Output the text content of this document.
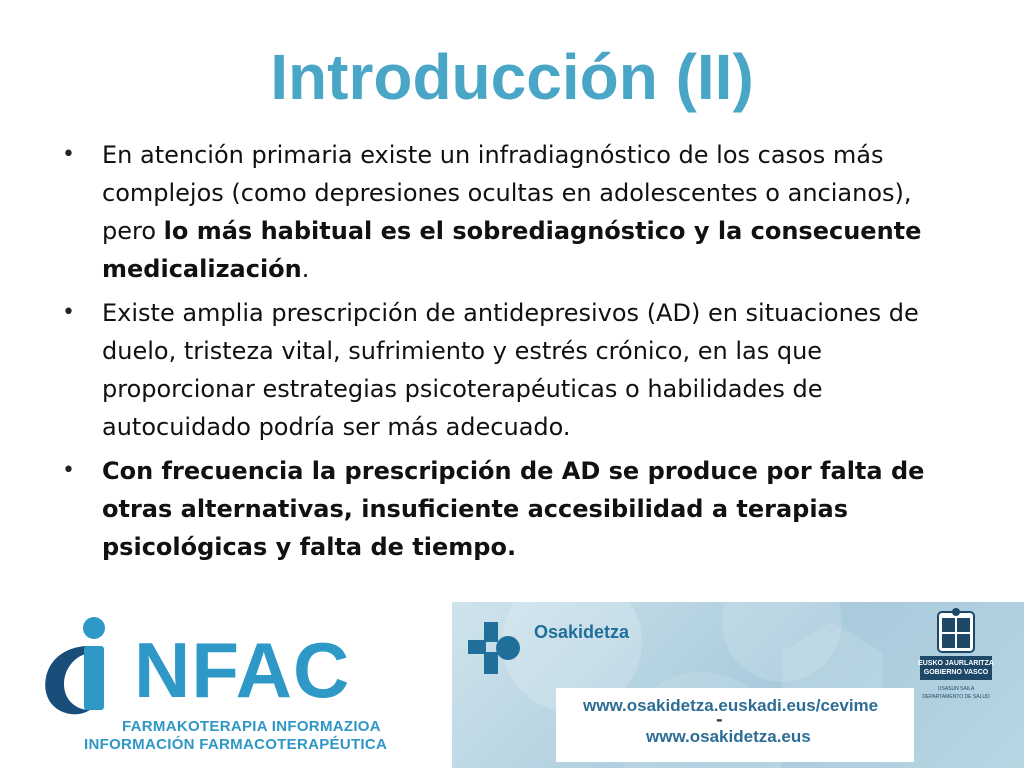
Introducción (II)
• En atención primaria existe un infradiagnóstico de los casos más complejos (como depresiones ocultas en adolescentes o ancianos), pero lo más habitual es el sobrediagnóstico y la consecuente medicalización.
• Existe amplia prescripción de antidepresivos (AD) en situaciones de duelo, tristeza vital, sufrimiento y estrés crónico, en las que proporcionar estrategias psicoterapéuticas o habilidades de autocuidado podría ser más adecuado.
• Con frecuencia la prescripción de AD se produce por falta de otras alternativas, insuficiente accesibilidad a terapias psicológicas y falta de tiempo.
NFAC
FARMAKOTERAPIA INFORMAZIOA
INFORMACIÓN FARMACOTERAPÉUTICA
Osakidetza
www.osakidetza.euskadi.eus/cevime
-
www.osakidetza.eus
EUSKO JAURLARITZA
GOBIERNO VASCO
OSASUN SAILA
DEPARTAMENTO DE SALUD
